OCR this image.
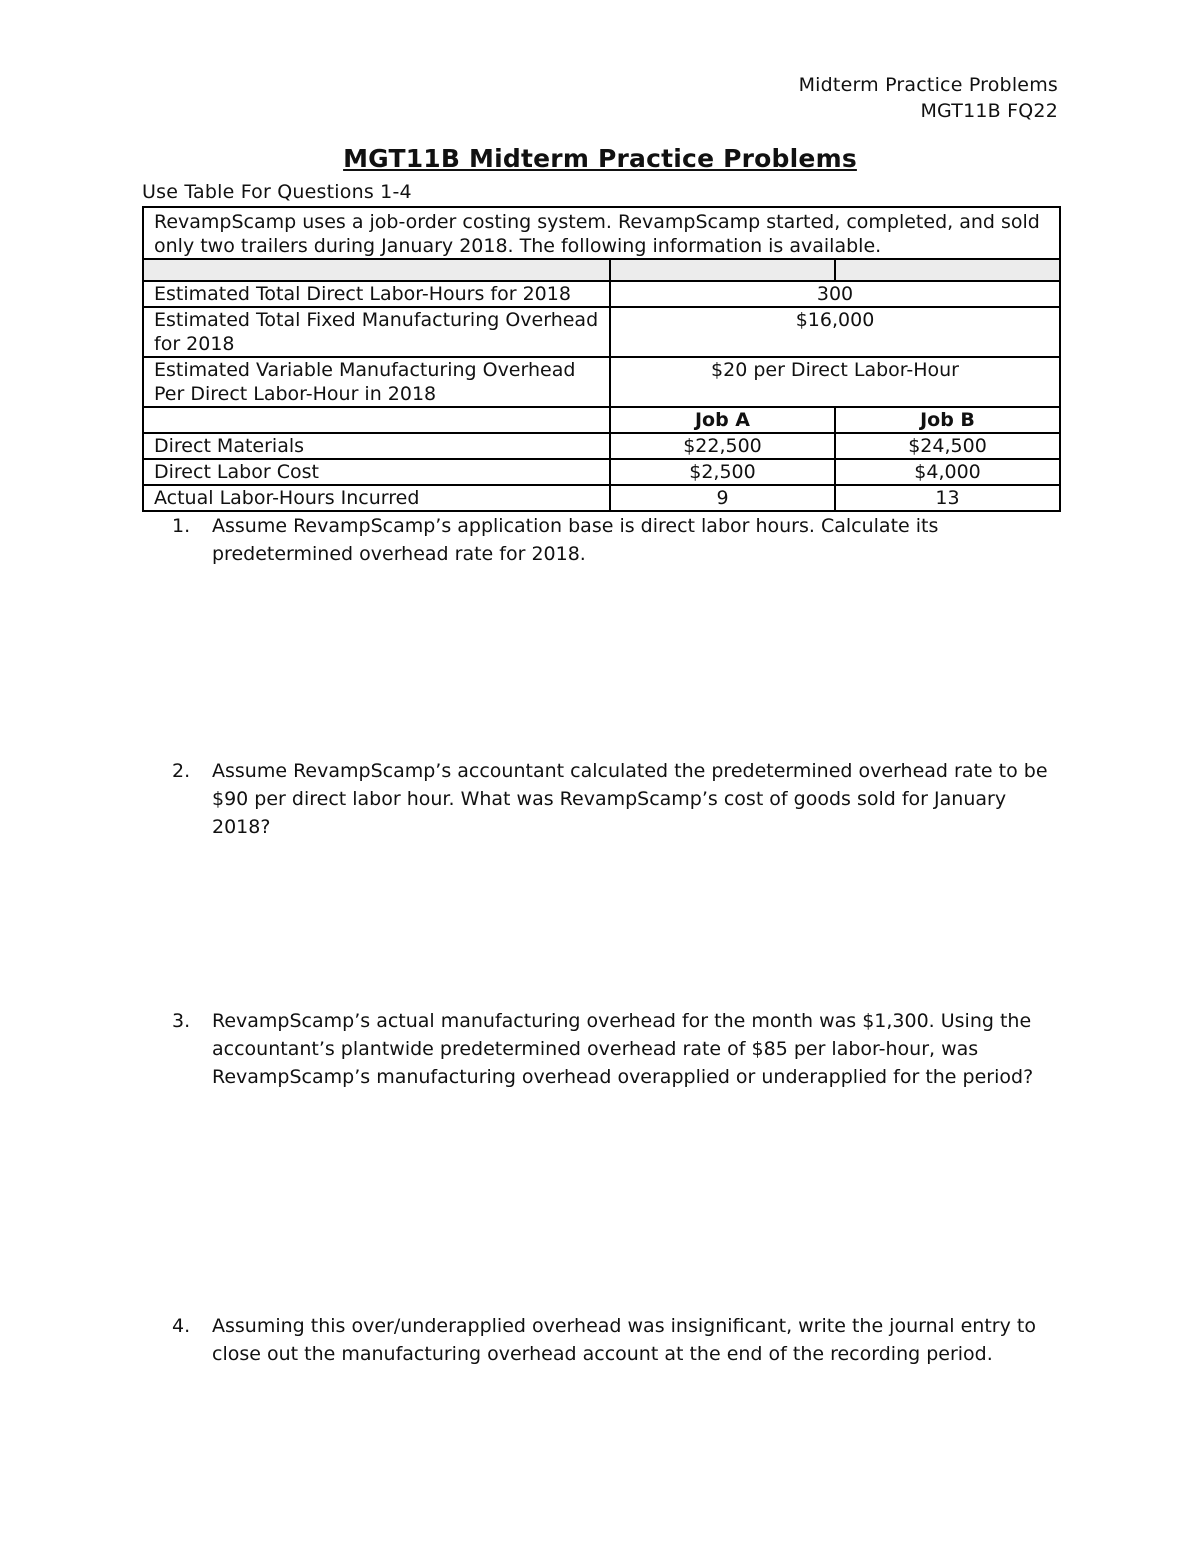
Midterm Practice Problems
MGT11B FQ22
MGT11B Midterm Practice Problems
Use Table For Questions 1-4
RevampScamp uses a job-order costing system. RevampScamp started, completed, and sold only two trailers during January 2018. The following information is available.		

Estimated Total Direct Labor-Hours for 2018	300	
Estimated Total Fixed Manufacturing Overhead for 2018	$16,000	
Estimated Variable Manufacturing Overhead Per Direct Labor-Hour in 2018	$20 per Direct Labor-Hour	
	Job A	Job B
Direct Materials	$22,500	$24,500
Direct Labor Cost	$2,500	$4,000
Actual Labor-Hours Incurred	9	13
1.	Assume RevampScamp’s application base is direct labor hours. Calculate its predetermined overhead rate for 2018.
2.	Assume RevampScamp’s accountant calculated the predetermined overhead rate to be $90 per direct labor hour. What was RevampScamp’s cost of goods sold for January 2018?
3.	RevampScamp’s actual manufacturing overhead for the month was $1,300. Using the accountant’s plantwide predetermined overhead rate of $85 per labor-hour, was RevampScamp’s manufacturing overhead overapplied or underapplied for the period?
4.	Assuming this over/underapplied overhead was insignificant, write the journal entry to close out the manufacturing overhead account at the end of the recording period.
